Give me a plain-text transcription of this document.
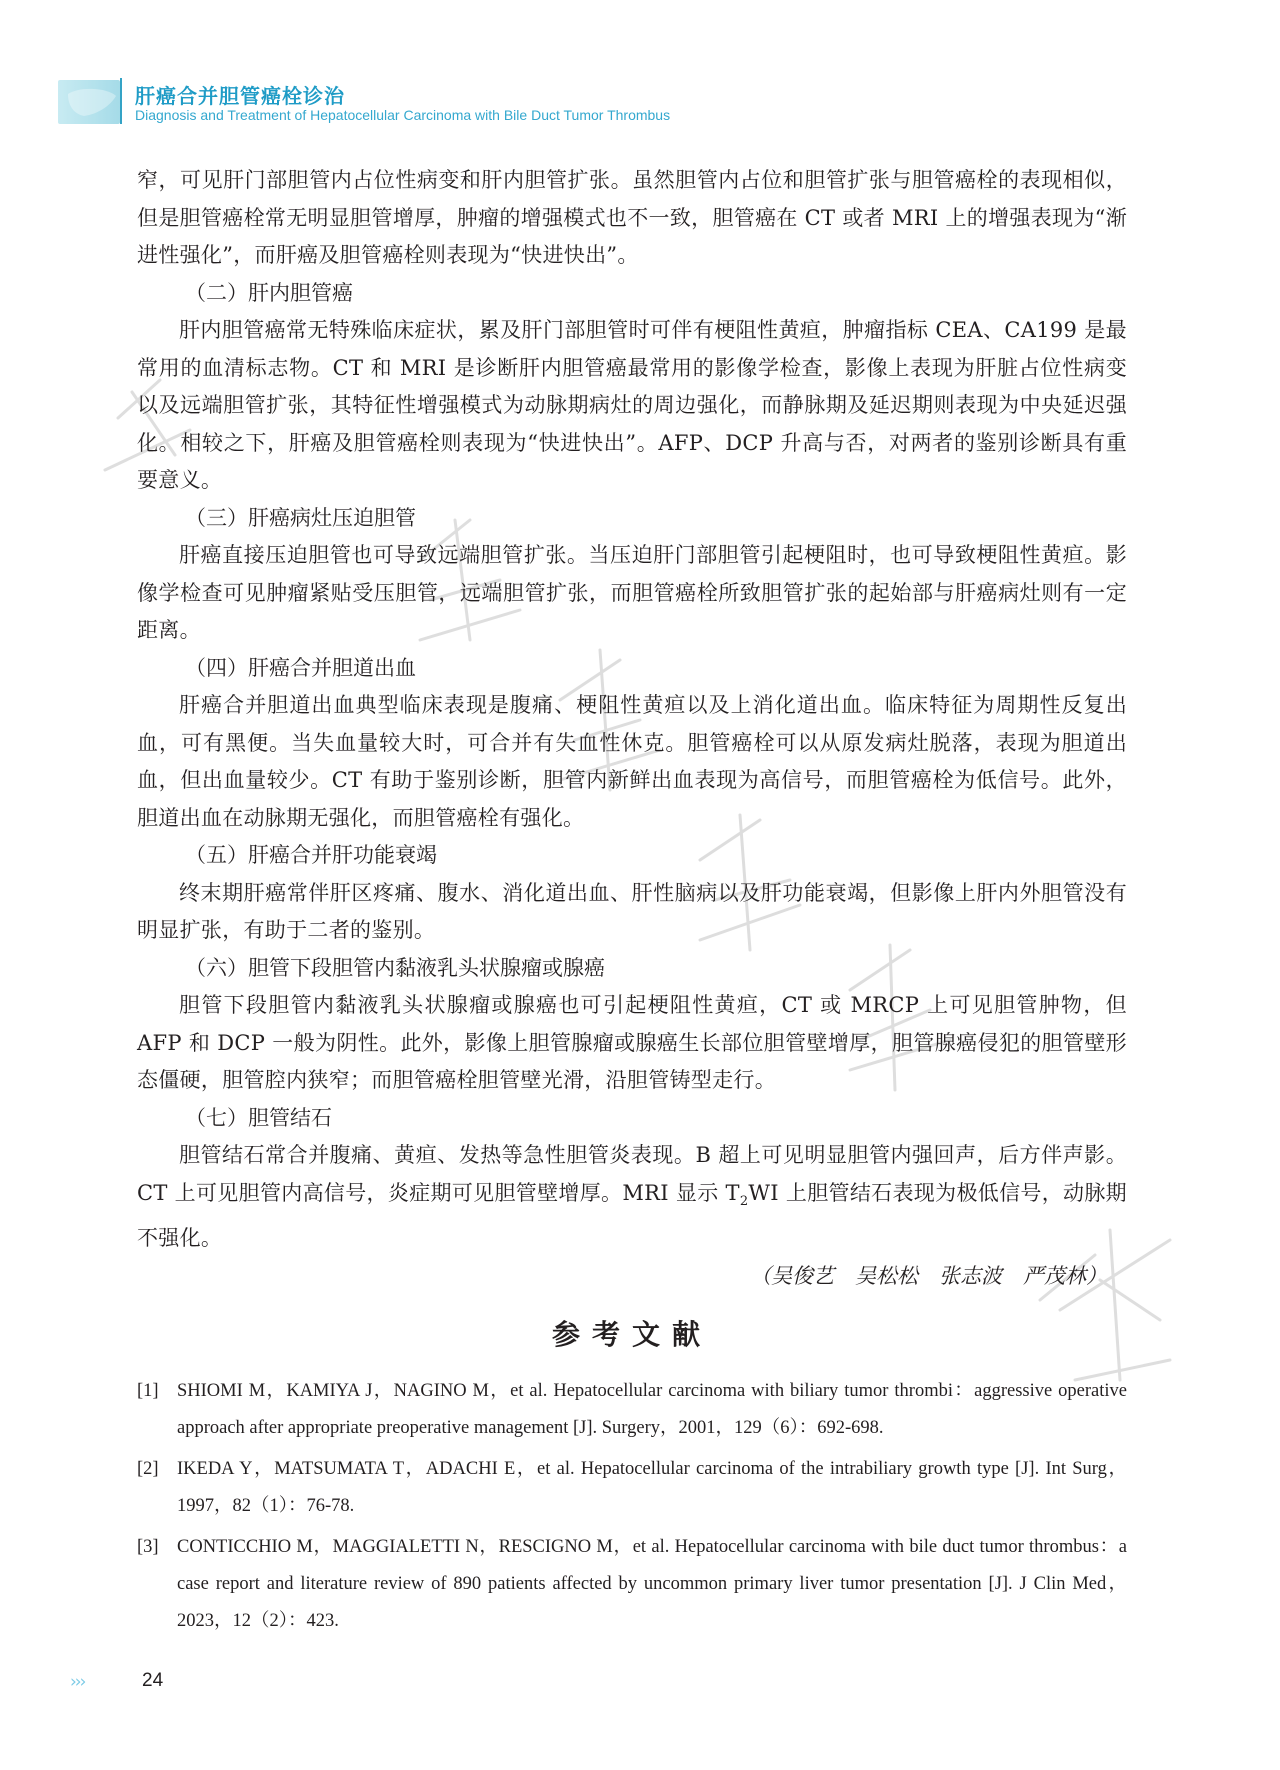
肝癌合并胆管癌栓诊治
Diagnosis and Treatment of Hepatocellular Carcinoma with Bile Duct Tumor Thrombus

窄，可见肝门部胆管内占位性病变和肝内胆管扩张。虽然胆管内占位和胆管扩张与胆管癌栓的表现相似，但是胆管癌栓常无明显胆管增厚，肿瘤的增强模式也不一致，胆管癌在 CT 或者 MRI 上的增强表现为“渐进性强化”，而肝癌及胆管癌栓则表现为“快进快出”。

（二）肝内胆管癌

肝内胆管癌常无特殊临床症状，累及肝门部胆管时可伴有梗阻性黄疸，肿瘤指标 CEA、CA199 是最常用的血清标志物。CT 和 MRI 是诊断肝内胆管癌最常用的影像学检查，影像上表现为肝脏占位性病变以及远端胆管扩张，其特征性增强模式为动脉期病灶的周边强化，而静脉期及延迟期则表现为中央延迟强化。相较之下，肝癌及胆管癌栓则表现为“快进快出”。AFP、DCP 升高与否，对两者的鉴别诊断具有重要意义。

（三）肝癌病灶压迫胆管

肝癌直接压迫胆管也可导致远端胆管扩张。当压迫肝门部胆管引起梗阻时，也可导致梗阻性黄疸。影像学检查可见肿瘤紧贴受压胆管，远端胆管扩张，而胆管癌栓所致胆管扩张的起始部与肝癌病灶则有一定距离。

（四）肝癌合并胆道出血

肝癌合并胆道出血典型临床表现是腹痛、梗阻性黄疸以及上消化道出血。临床特征为周期性反复出血，可有黑便。当失血量较大时，可合并有失血性休克。胆管癌栓可以从原发病灶脱落，表现为胆道出血，但出血量较少。CT 有助于鉴别诊断，胆管内新鲜出血表现为高信号，而胆管癌栓为低信号。此外，胆道出血在动脉期无强化，而胆管癌栓有强化。

（五）肝癌合并肝功能衰竭

终末期肝癌常伴肝区疼痛、腹水、消化道出血、肝性脑病以及肝功能衰竭，但影像上肝内外胆管没有明显扩张，有助于二者的鉴别。

（六）胆管下段胆管内黏液乳头状腺瘤或腺癌

胆管下段胆管内黏液乳头状腺瘤或腺癌也可引起梗阻性黄疸，CT 或 MRCP 上可见胆管肿物，但 AFP 和 DCP 一般为阴性。此外，影像上胆管腺瘤或腺癌生长部位胆管壁增厚，胆管腺癌侵犯的胆管壁形态僵硬，胆管腔内狭窄；而胆管癌栓胆管壁光滑，沿胆管铸型走行。

（七）胆管结石

胆管结石常合并腹痛、黄疸、发热等急性胆管炎表现。B 超上可见明显胆管内强回声，后方伴声影。CT 上可见胆管内高信号，炎症期可见胆管壁增厚。MRI 显示 $T_2WI$ 上胆管结石表现为极低信号，动脉期不强化。

（吴俊艺　吴松松　张志波　严茂林）

参考文献
[1] SHIOMI M，KAMIYA J，NAGINO M，et al. Hepatocellular carcinoma with biliary tumor thrombi：aggressive operative approach after appropriate preoperative management [J]. Surgery，2001，129（6）：692-698.
[2] IKEDA Y，MATSUMATA T，ADACHI E，et al. Hepatocellular carcinoma of the intrabiliary growth type [J]. Int Surg，1997，82（1）：76-78.
[3] CONTICCHIO M，MAGGIALETTI N，RESCIGNO M，et al. Hepatocellular carcinoma with bile duct tumor thrombus：a case report and literature review of 890 patients affected by uncommon primary liver tumor presentation [J]. J Clin Med，2023，12（2）：423.
›››	24
